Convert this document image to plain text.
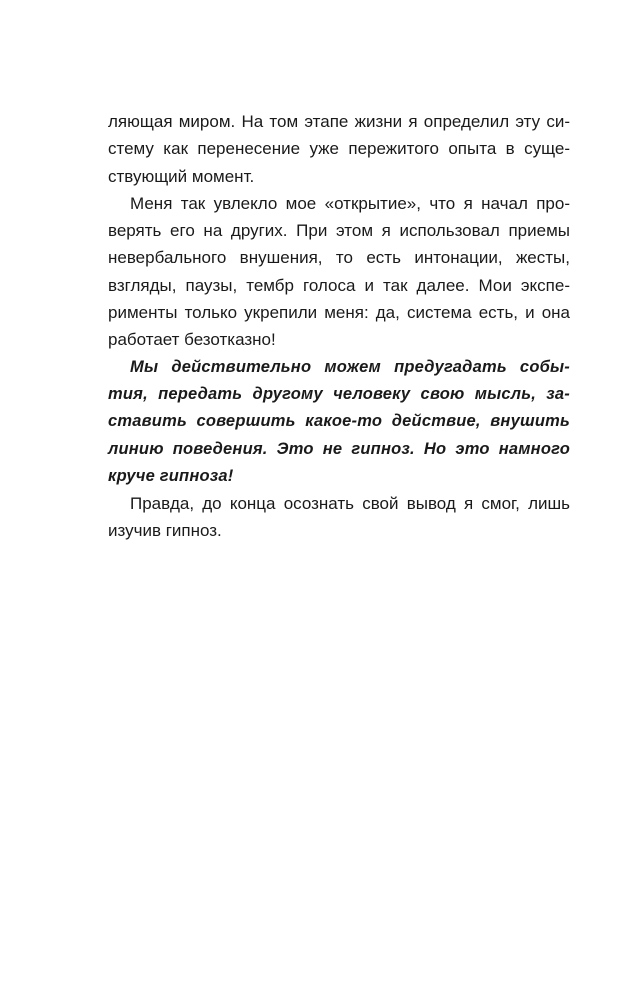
ляющая миром. На том этапе жизни я определил эту си-
стему как перенесение уже пережитого опыта в суще-
ствующий момент.
Меня так увлекло мое «открытие», что я начал про-
верять его на других. При этом я использовал приемы
невербального внушения, то есть интонации, жесты,
взгляды, паузы, тембр голоса и так далее. Мои экспе-
рименты только укрепили меня: да, система есть, и она
работает безотказно!
Мы действительно можем предугадать собы-
тия, передать другому человеку свою мысль, за-
ставить совершить какое-то действие, внушить
линию поведения. Это не гипноз. Но это намного
круче гипноза!
Правда, до конца осознать свой вывод я смог, лишь
изучив гипноз.
